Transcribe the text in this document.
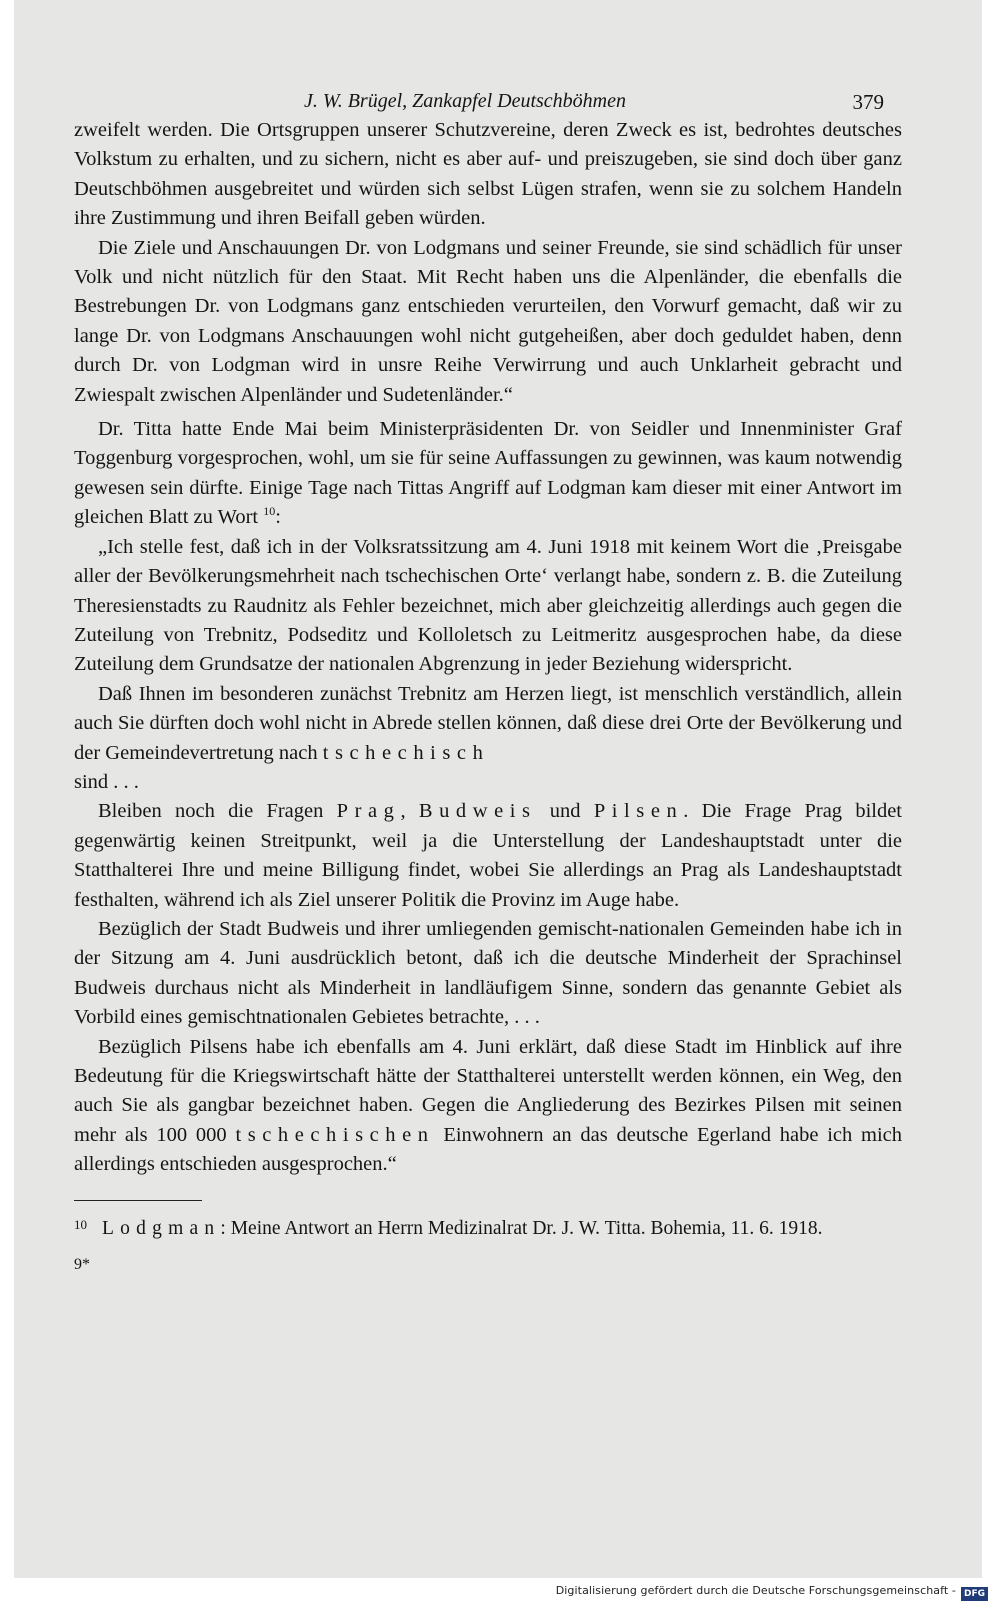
J. W. Brügel, Zankapfel Deutschböhmen	379

zweifelt werden. Die Ortsgruppen unserer Schutzvereine, deren Zweck es ist, bedrohtes deutsches Volkstum zu erhalten, und zu sichern, nicht es aber auf- und preiszugeben, sie sind doch über ganz Deutschböhmen ausgebreitet und würden sich selbst Lügen strafen, wenn sie zu solchem Handeln ihre Zustimmung und ihren Beifall geben würden.

Die Ziele und Anschauungen Dr. von Lodgmans und seiner Freunde, sie sind schädlich für unser Volk und nicht nützlich für den Staat. Mit Recht haben uns die Alpenländer, die ebenfalls die Bestrebungen Dr. von Lodgmans ganz entschieden verurteilen, den Vorwurf gemacht, daß wir zu lange Dr. von Lodgmans Anschauungen wohl nicht gutgeheißen, aber doch geduldet haben, denn durch Dr. von Lodgman wird in unsre Reihe Verwirrung und auch Unklarheit gebracht und Zwiespalt zwischen Alpenländer und Sudetenländer.“

Dr. Titta hatte Ende Mai beim Ministerpräsidenten Dr. von Seidler und Innenminister Graf Toggenburg vorgesprochen, wohl, um sie für seine Auffassungen zu gewinnen, was kaum notwendig gewesen sein dürfte. Einige Tage nach Tittas Angriff auf Lodgman kam dieser mit einer Antwort im gleichen Blatt zu Wort $^{10}$:

„Ich stelle fest, daß ich in der Volksratssitzung am 4. Juni 1918 mit keinem Wort die ‚Preisgabe aller der Bevölkerungsmehrheit nach tschechischen Orte‘ verlangt habe, sondern z. B. die Zuteilung Theresienstadts zu Raudnitz als Fehler bezeichnet, mich aber gleichzeitig allerdings auch gegen die Zuteilung von Trebnitz, Podseditz und Kolloletsch zu Leitmeritz ausgesprochen habe, da diese Zuteilung dem Grundsatze der nationalen Abgrenzung in jeder Beziehung widerspricht.

Daß Ihnen im besonderen zunächst Trebnitz am Herzen liegt, ist menschlich verständlich, allein auch Sie dürften doch wohl nicht in Abrede stellen können, daß diese drei Orte der Bevölkerung und der Gemeindevertretung nach tschechisch
sind . . .

Bleiben noch die Fragen Prag, Budweis und Pilsen. Die Frage Prag bildet gegenwärtig keinen Streitpunkt, weil ja die Unterstellung der Landeshauptstadt unter die Statthalterei Ihre und meine Billigung findet, wobei Sie allerdings an Prag als Landeshauptstadt festhalten, während ich als Ziel unserer Politik die Provinz im Auge habe.

Bezüglich der Stadt Budweis und ihrer umliegenden gemischt-nationalen Gemeinden habe ich in der Sitzung am 4. Juni ausdrücklich betont, daß ich die deutsche Minderheit der Sprachinsel Budweis durchaus nicht als Minderheit in landläufigem Sinne, sondern das genannte Gebiet als Vorbild eines gemischtnationalen Gebietes betrachte, . . .

Bezüglich Pilsens habe ich ebenfalls am 4. Juni erklärt, daß diese Stadt im Hinblick auf ihre Bedeutung für die Kriegswirtschaft hätte der Statthalterei unterstellt werden können, ein Weg, den auch Sie als gangbar bezeichnet haben. Gegen die Angliederung des Bezirkes Pilsen mit seinen mehr als 100 000 tschechischen Einwohnern an das deutsche Egerland habe ich mich allerdings entschieden ausgesprochen.“

10 Lodgman: Meine Antwort an Herrn Medizinalrat Dr. J. W. Titta. Bohemia, 11. 6. 1918.
9*
Digitalisierung gefördert durch die Deutsche Forschungsgemeinschaft - DFG
